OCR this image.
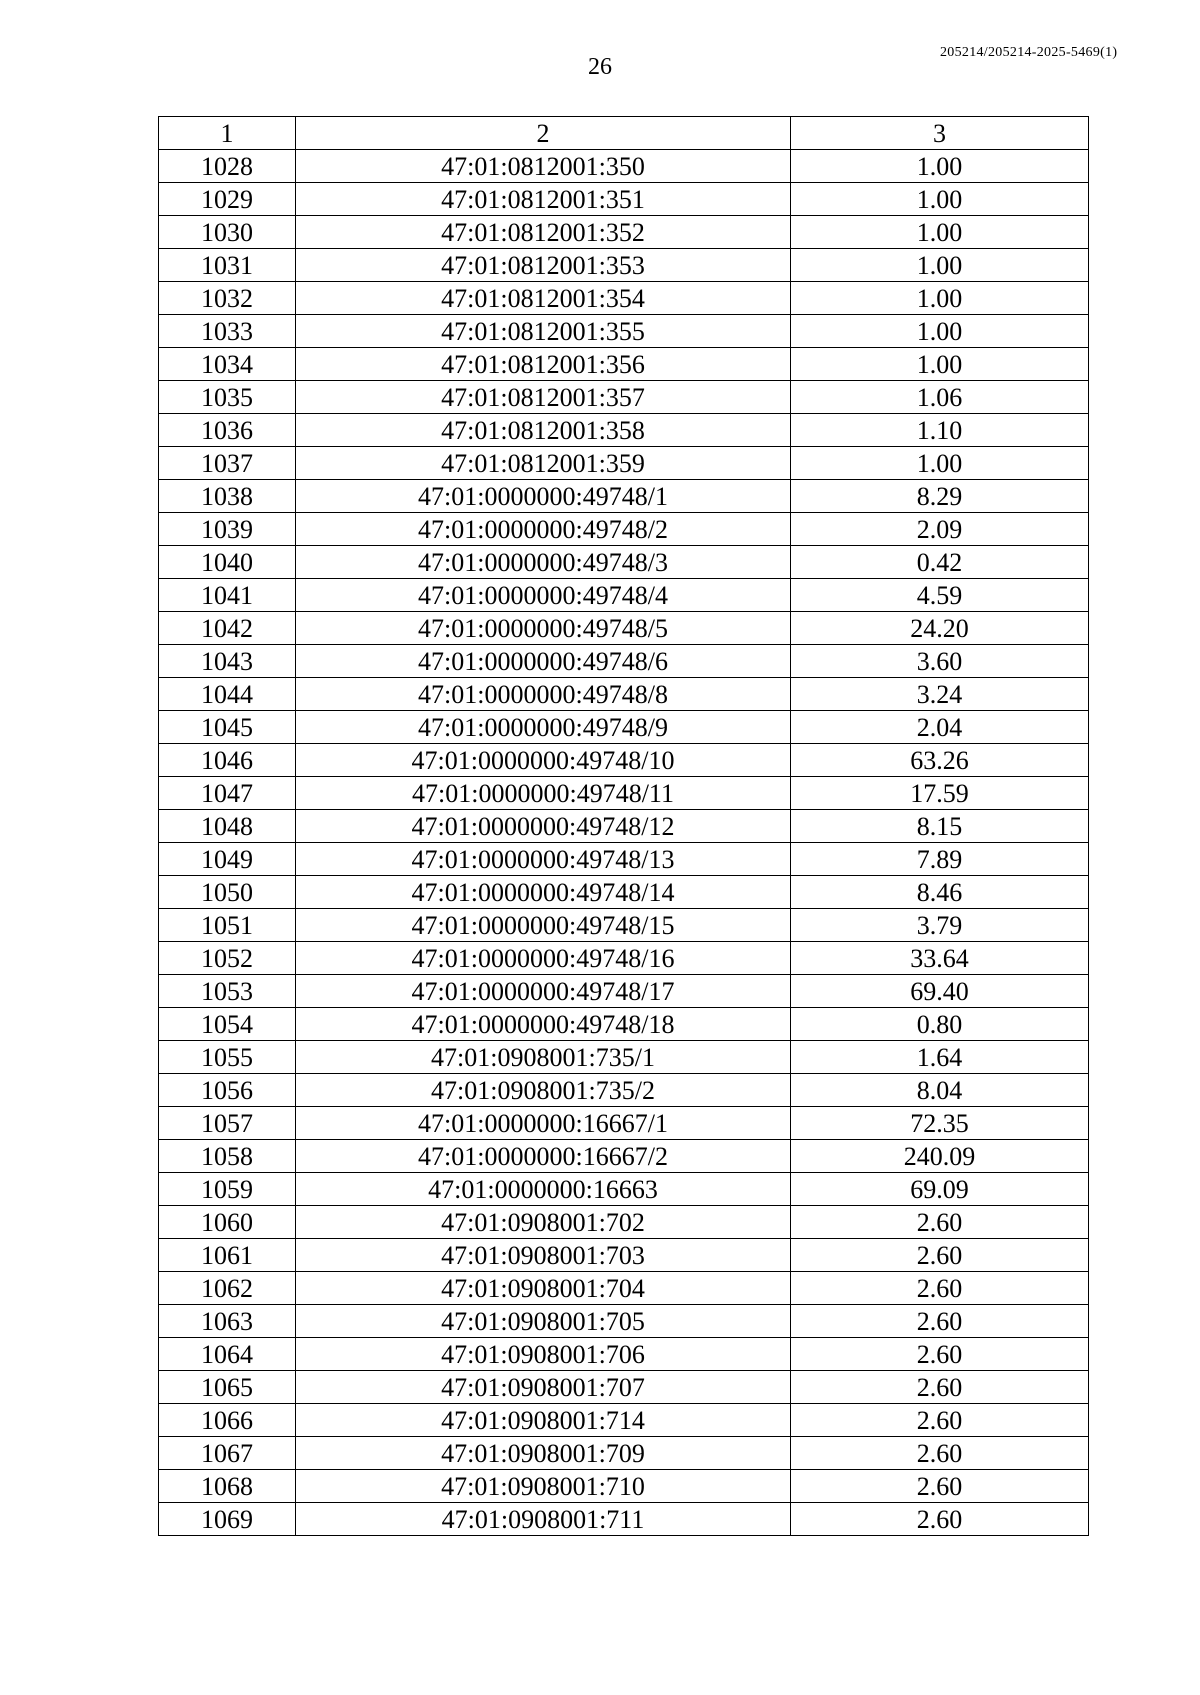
26
205214/205214-2025-5469(1)
1	2	3
1028	47:01:0812001:350	1.00
1029	47:01:0812001:351	1.00
1030	47:01:0812001:352	1.00
1031	47:01:0812001:353	1.00
1032	47:01:0812001:354	1.00
1033	47:01:0812001:355	1.00
1034	47:01:0812001:356	1.00
1035	47:01:0812001:357	1.06
1036	47:01:0812001:358	1.10
1037	47:01:0812001:359	1.00
1038	47:01:0000000:49748/1	8.29
1039	47:01:0000000:49748/2	2.09
1040	47:01:0000000:49748/3	0.42
1041	47:01:0000000:49748/4	4.59
1042	47:01:0000000:49748/5	24.20
1043	47:01:0000000:49748/6	3.60
1044	47:01:0000000:49748/8	3.24
1045	47:01:0000000:49748/9	2.04
1046	47:01:0000000:49748/10	63.26
1047	47:01:0000000:49748/11	17.59
1048	47:01:0000000:49748/12	8.15
1049	47:01:0000000:49748/13	7.89
1050	47:01:0000000:49748/14	8.46
1051	47:01:0000000:49748/15	3.79
1052	47:01:0000000:49748/16	33.64
1053	47:01:0000000:49748/17	69.40
1054	47:01:0000000:49748/18	0.80
1055	47:01:0908001:735/1	1.64
1056	47:01:0908001:735/2	8.04
1057	47:01:0000000:16667/1	72.35
1058	47:01:0000000:16667/2	240.09
1059	47:01:0000000:16663	69.09
1060	47:01:0908001:702	2.60
1061	47:01:0908001:703	2.60
1062	47:01:0908001:704	2.60
1063	47:01:0908001:705	2.60
1064	47:01:0908001:706	2.60
1065	47:01:0908001:707	2.60
1066	47:01:0908001:714	2.60
1067	47:01:0908001:709	2.60
1068	47:01:0908001:710	2.60
1069	47:01:0908001:711	2.60
